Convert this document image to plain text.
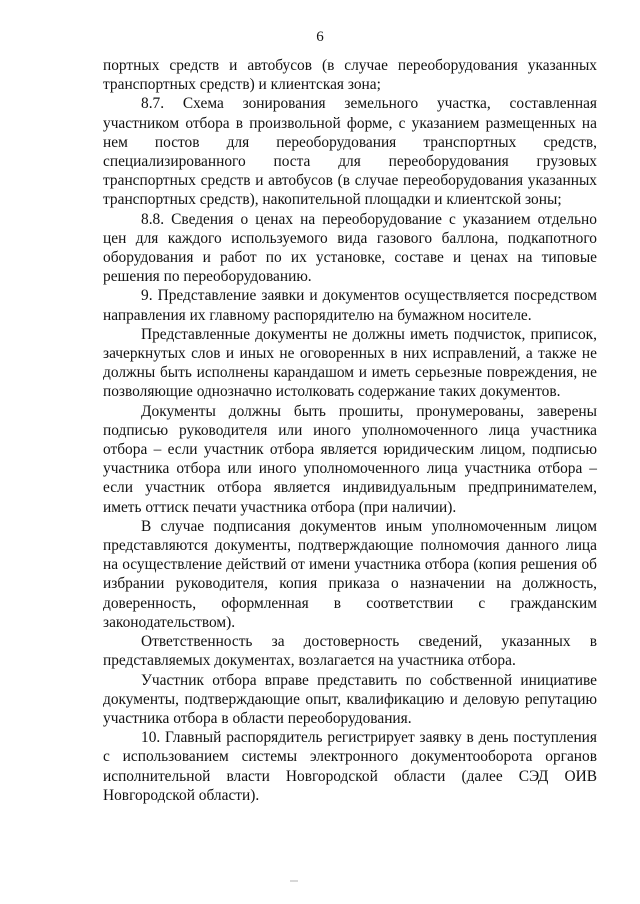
6

портных средств и автобусов (в случае переоборудования указанных транспортных средств) и клиентская зона;

8.7. Схема зонирования земельного участка, составленная участником отбора в произвольной форме, с указанием размещенных на нем постов для переоборудования транспортных средств, специализированного поста для переоборудования грузовых транспортных средств и автобусов (в случае переоборудования указанных транспортных средств), накопительной площадки и клиентской зоны;

8.8. Сведения о ценах на переоборудование с указанием отдельно цен для каждого используемого вида газового баллона, подкапотного оборудования и работ по их установке, составе и ценах на типовые решения по переоборудованию.

9. Представление заявки и документов осуществляется посредством направления их главному распорядителю на бумажном носителе.

Представленные документы не должны иметь подчисток, приписок, зачеркнутых слов и иных не оговоренных в них исправлений, а также не должны быть исполнены карандашом и иметь серьезные повреждения, не позволяющие однозначно истолковать содержание таких документов.

Документы должны быть прошиты, пронумерованы, заверены подписью руководителя или иного уполномоченного лица участника отбора – если участник отбора является юридическим лицом, подписью участника отбора или иного уполномоченного лица участника отбора – если участник отбора является индивидуальным предпринимателем, иметь оттиск печати участника отбора (при наличии).

В случае подписания документов иным уполномоченным лицом представляются документы, подтверждающие полномочия данного лица на осуществление действий от имени участника отбора (копия решения об избрании руководителя, копия приказа о назначении на должность, доверенность, оформленная в соответствии с гражданским законодательством).

Ответственность за достоверность сведений, указанных в представляемых документах, возлагается на участника отбора.

Участник отбора вправе представить по собственной инициативе документы, подтверждающие опыт, квалификацию и деловую репутацию участника отбора в области переоборудования.

10. Главный распорядитель регистрирует заявку в день поступления с использованием системы электронного документооборота органов исполнительной власти Новгородской области (далее СЭД ОИВ Новгородской области).
